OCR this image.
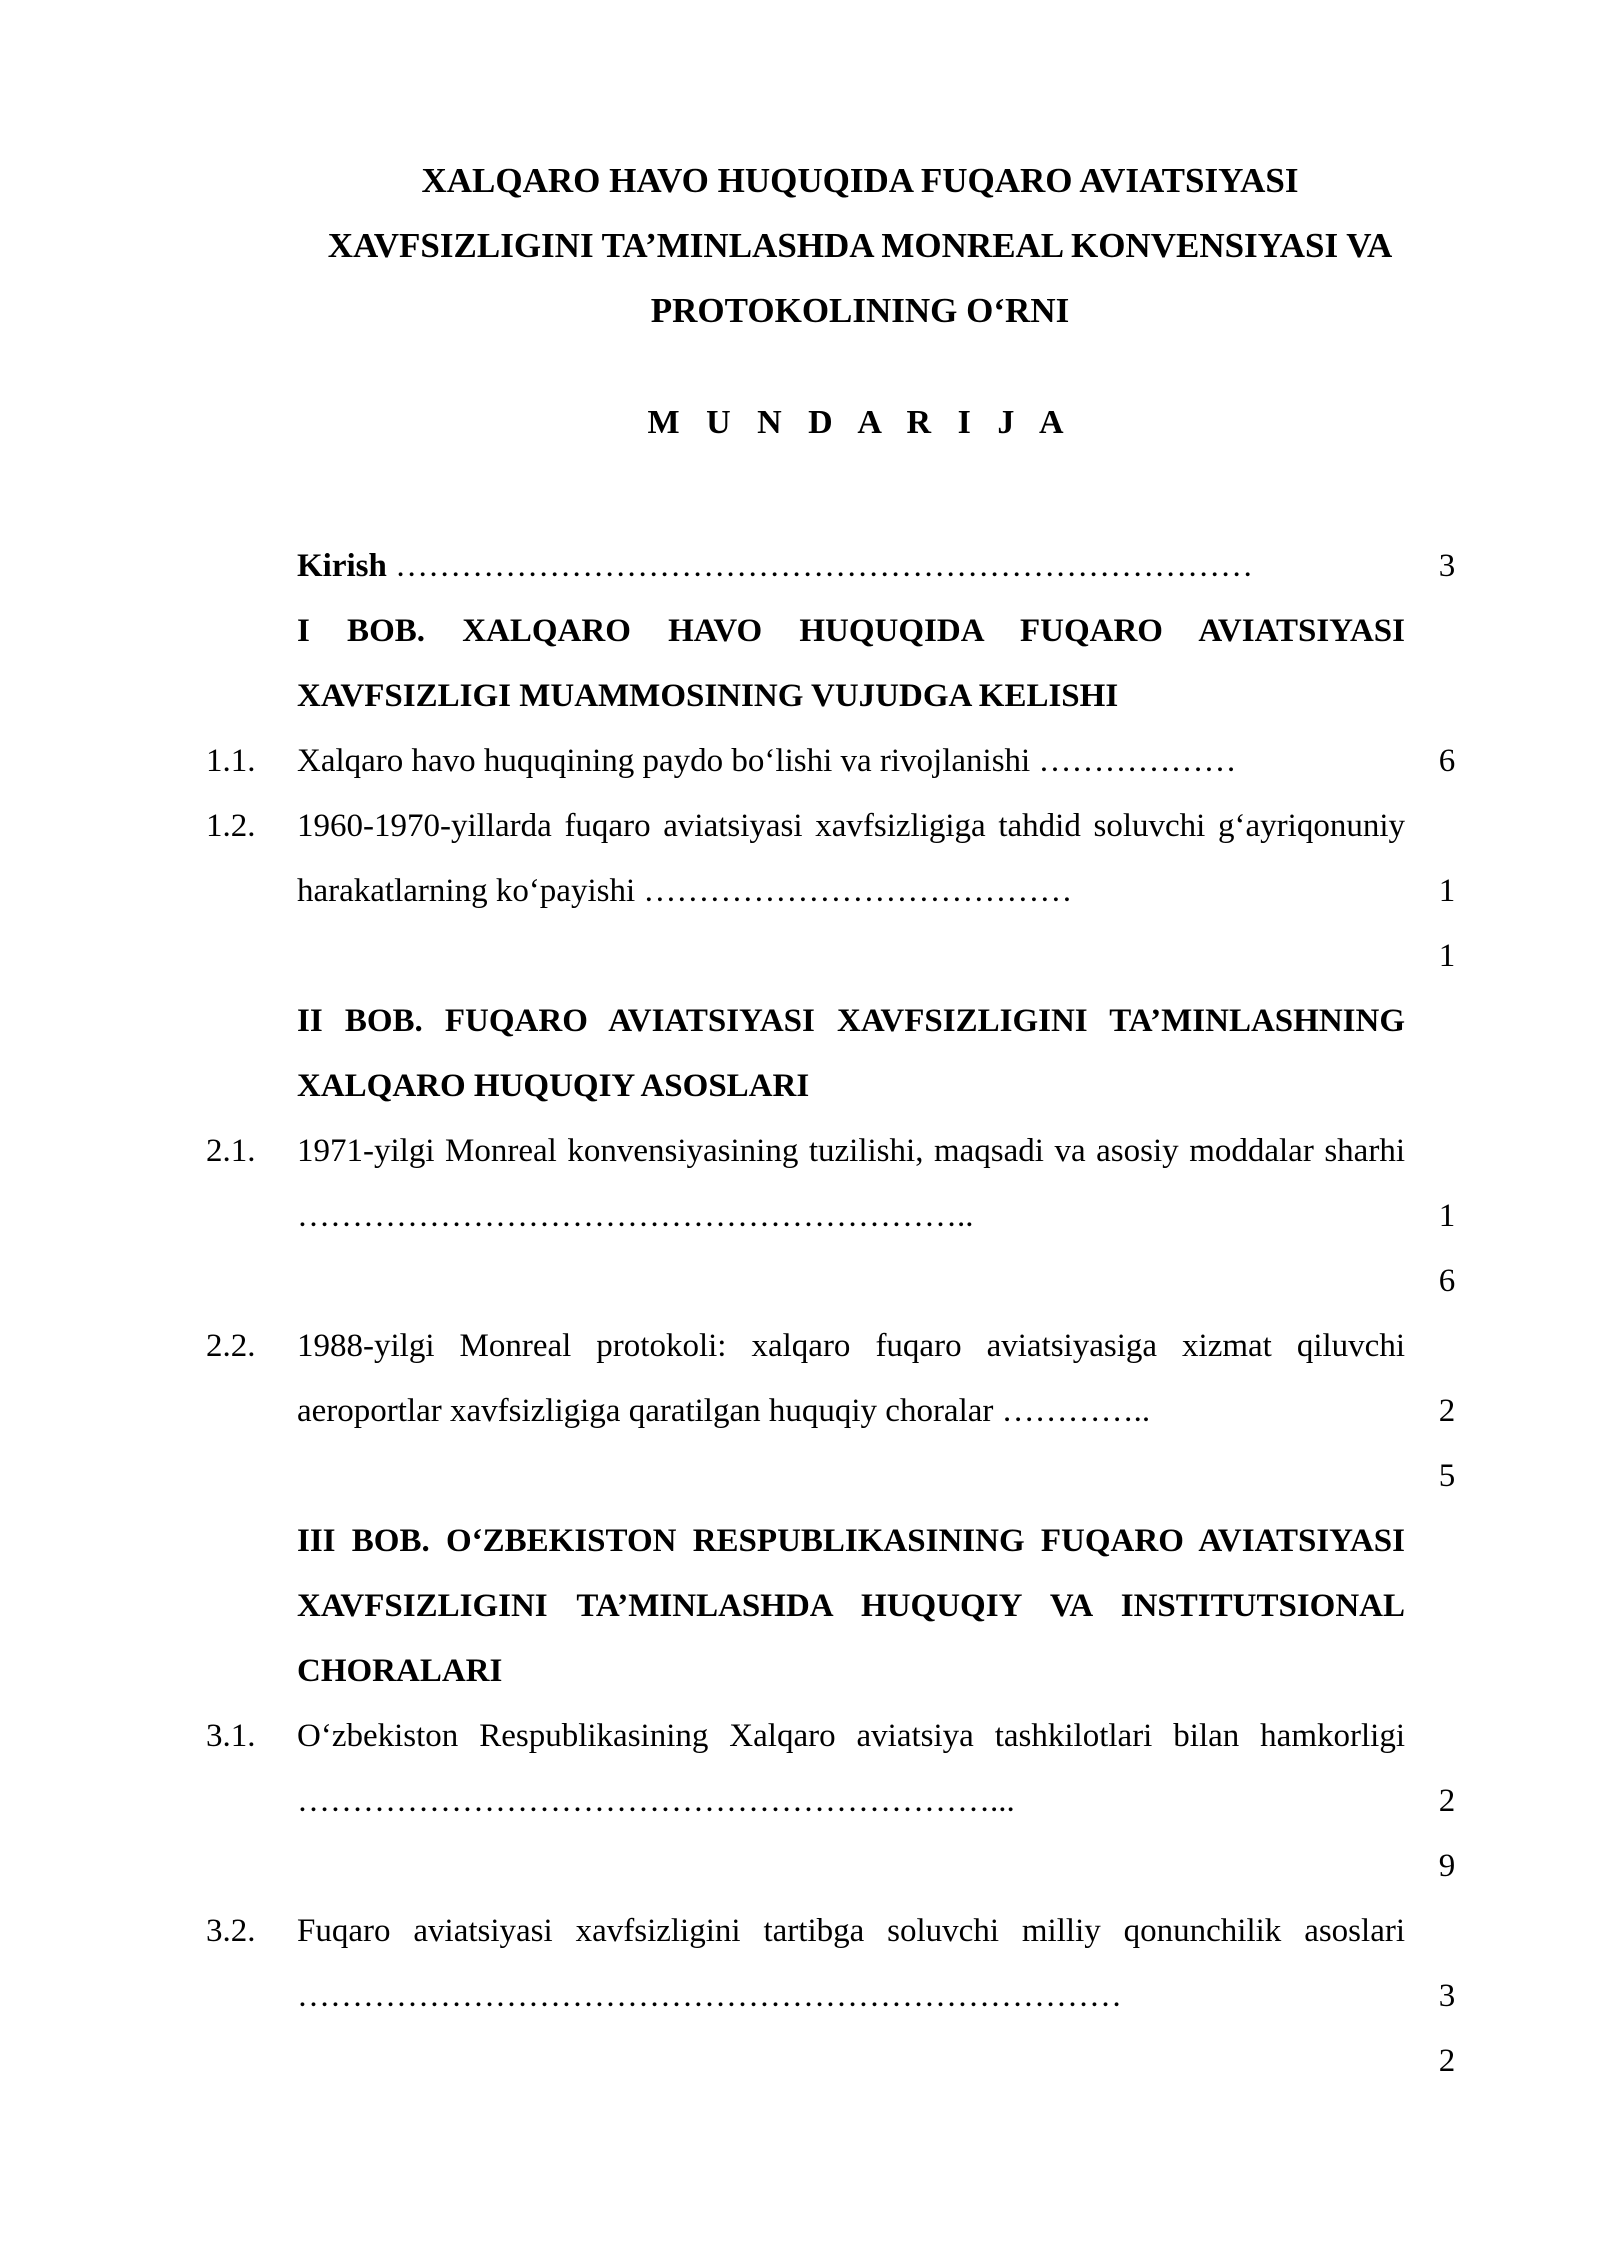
XALQARO HAVO HUQUQIDA FUQARO AVIATSIYASI
XAVFSIZLIGINI TA’MINLASHDA MONREAL KONVENSIYASI VA
PROTOKOLINING O‘RNI
M U N D A R I J A
Kirish ……………………………………………………………………	3
I BOB. XALQARO HAVO HUQUQIDA FUQARO AVIATSIYASI XAVFSIZLIGI MUAMMOSINING VUJUDGA KELISHI
1.1. Xalqaro havo huquqining paydo bo‘lishi va rivojlanishi ………………	6
1.2. 1960-1970-yillarda fuqaro aviatsiyasi xavfsizligiga tahdid soluvchi g‘ayriqonuniy harakatlarning ko‘payishi …………………………………	11
II BOB. FUQARO AVIATSIYASI XAVFSIZLIGINI TA’MINLASHNING XALQARO HUQUQIY ASOSLARI
2.1. 1971-yilgi Monreal konvensiyasining tuzilishi, maqsadi va asosiy moddalar sharhi ……………………………………………………..	16
2.2. 1988-yilgi Monreal protokoli: xalqaro fuqaro aviatsiyasiga xizmat qiluvchi aeroportlar xavfsizligiga qaratilgan huquqiy choralar …………..	25
III BOB. O‘ZBEKISTON RESPUBLIKASINING FUQARO AVIATSIYASI XAVFSIZLIGINI TA’MINLASHDA HUQUQIY VA INSTITUTSIONAL CHORALARI
3.1. O‘zbekiston Respublikasining Xalqaro aviatsiya tashkilotlari bilan hamkorligi ………………………………………………………...	29
3.2. Fuqaro aviatsiyasi xavfsizligini tartibga soluvchi milliy qonunchilik asoslari …………………………………………………………………	32
